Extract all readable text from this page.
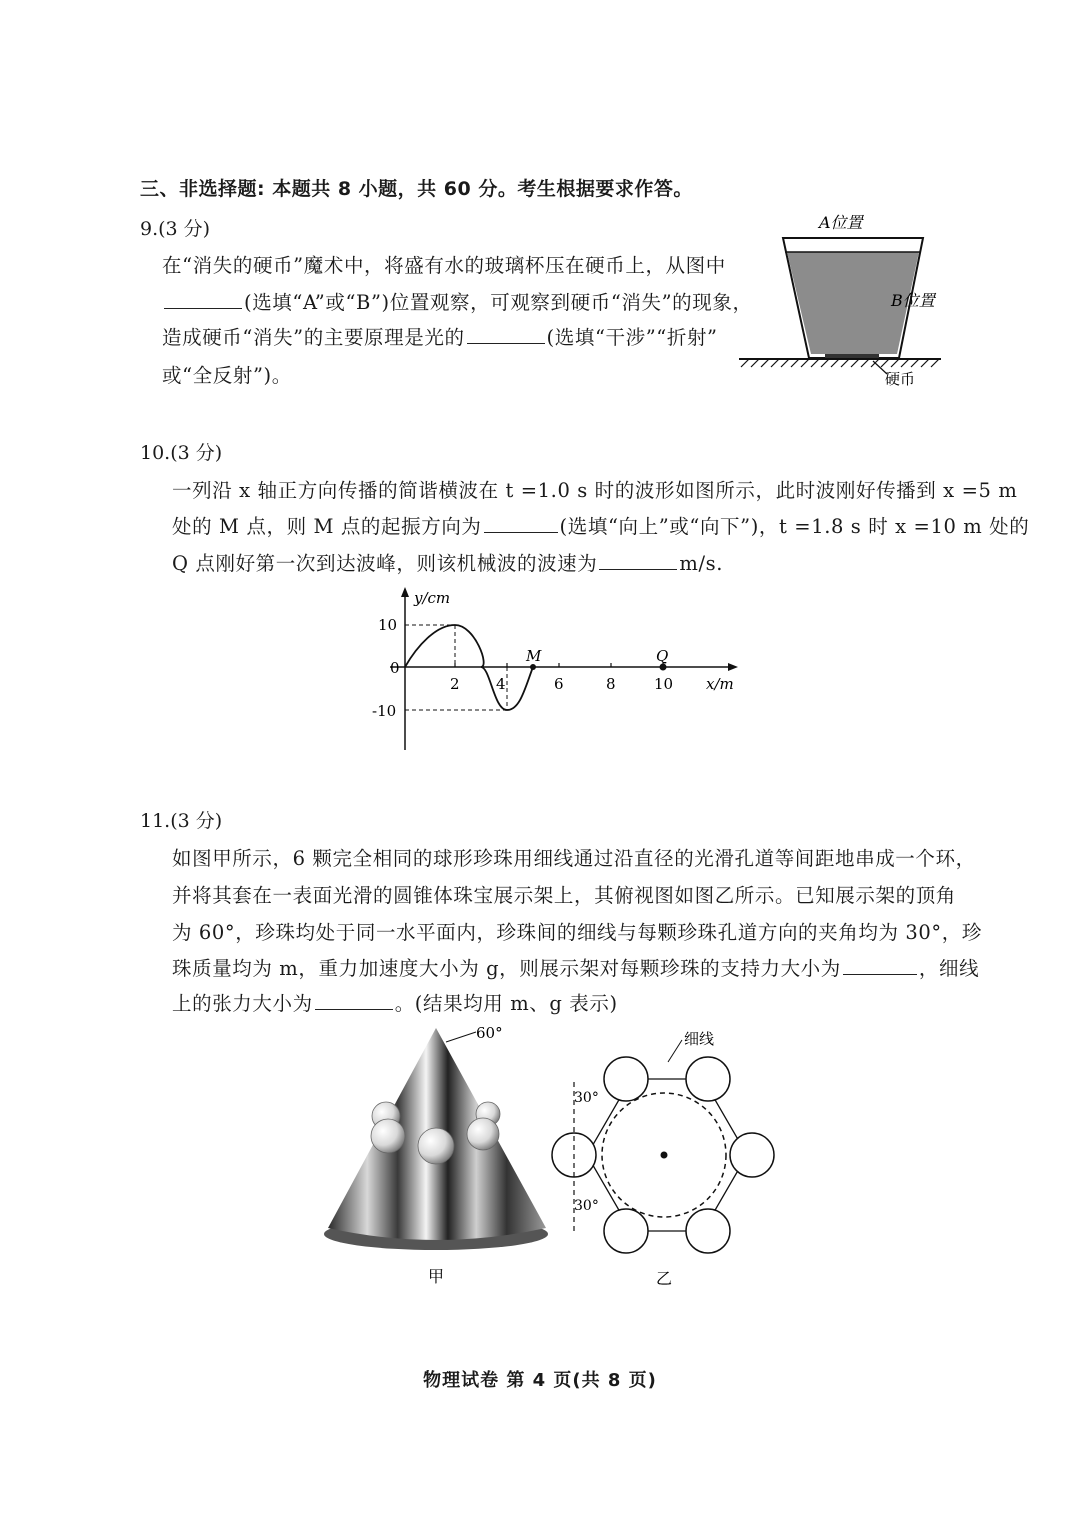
三、非选择题: 本题共 8 小题，共 60 分。考生根据要求作答。
9.(3 分)
在“消失的硬币”魔术中，将盛有水的玻璃杯压在硬币上，从图中
(选填“A”或“B”)位置观察，可观察到硬币“消失”的现象，
造成硬币“消失”的主要原理是光的	(选填“干涉”“折射”
或“全反射”)。
A位置
B位置
硬币
10.(3 分)
一列沿 x 轴正方向传播的简谐横波在 t =1.0 s 时的波形如图所示，此时波刚好传播到 x =5 m
处的 M 点，则 M 点的起振方向为	(选填“向上”或“向下”)，t =1.8 s 时 x =10 m 处的
Q 点刚好第一次到达波峰，则该机械波的波速为	m/s.
y/cm
x/m
10
0
-10
2 4	6	8	10
M	Q
11.(3 分)
如图甲所示，6 颗完全相同的球形珍珠用细线通过沿直径的光滑孔道等间距地串成一个环，
并将其套在一表面光滑的圆锥体珠宝展示架上，其俯视图如图乙所示。已知展示架的顶角
为 60°，珍珠均处于同一水平面内，珍珠间的细线与每颗珍珠孔道方向的夹角均为 30°，珍
珠质量均为 m，重力加速度大小为 g，则展示架对每颗珍珠的支持力大小为	，细线
上的张力大小为	。(结果均用 m、g 表示)
60°
甲
细线
30°
30°
乙
物理试卷 第 4 页(共 8 页)
